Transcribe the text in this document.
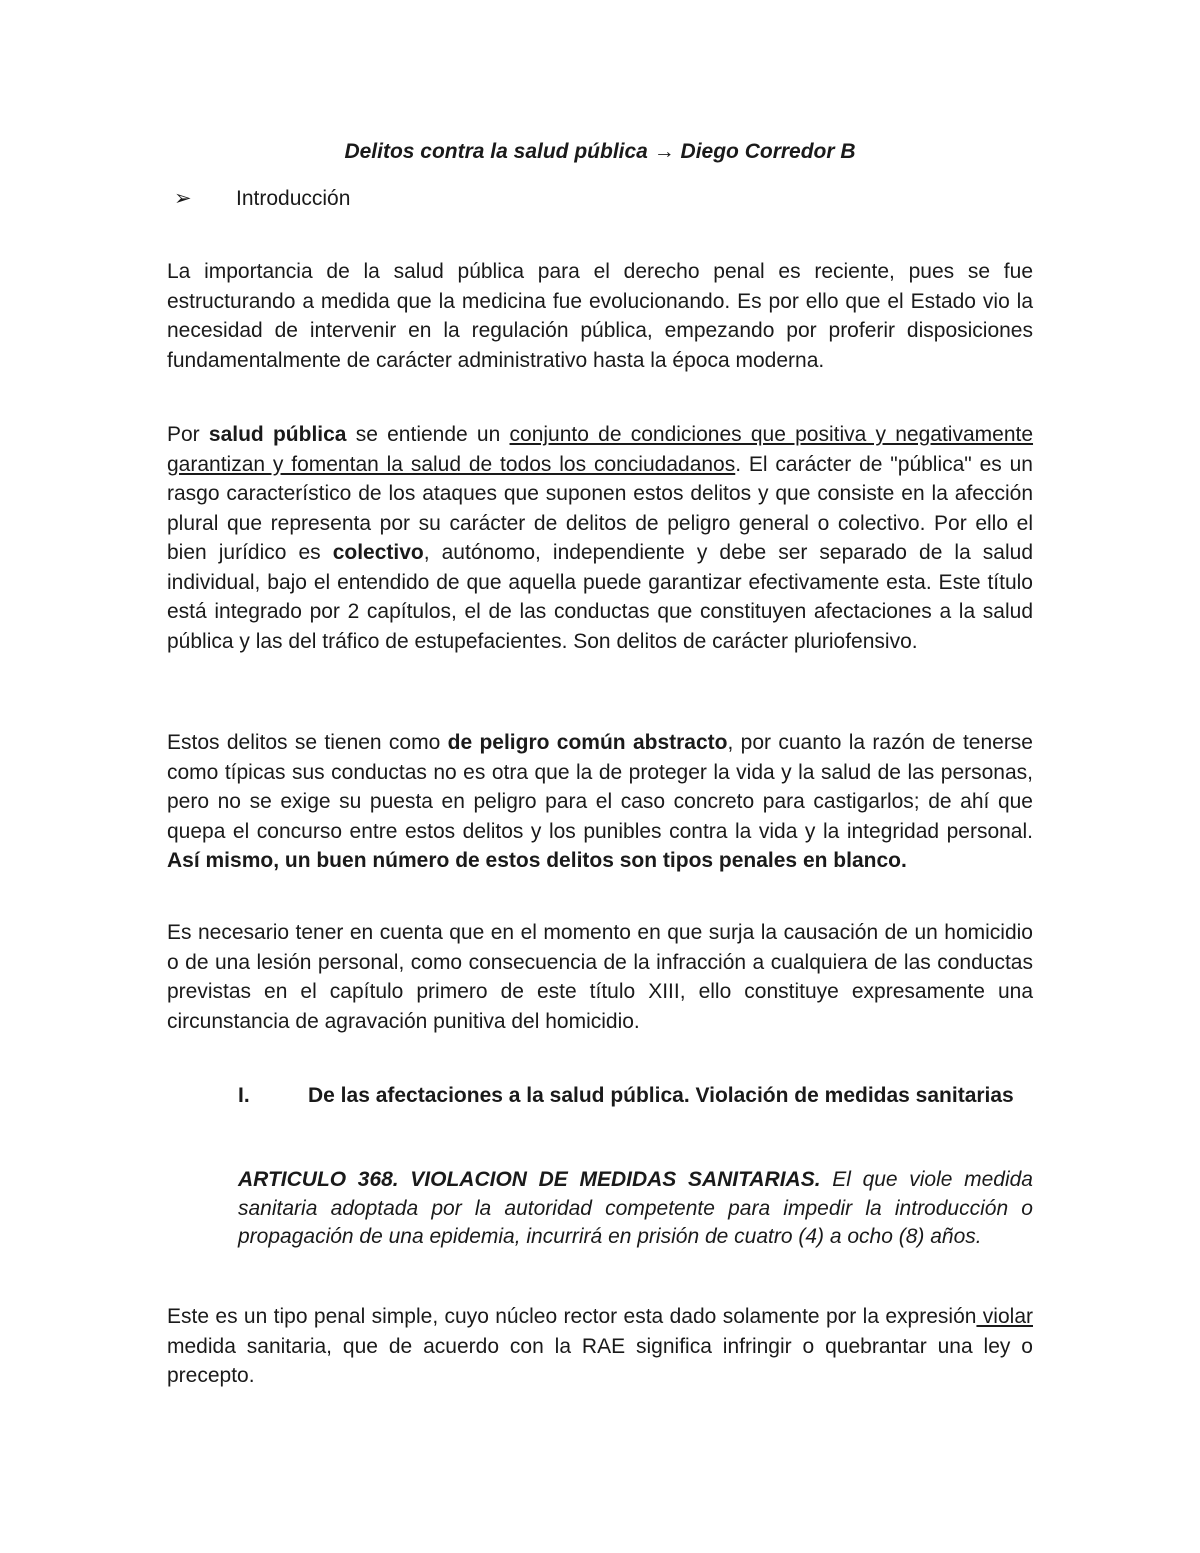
Delitos contra la salud pública → Diego Corredor B
➢ Introducción
La importancia de la salud pública para el derecho penal es reciente, pues se fue estructurando a medida que la medicina fue evolucionando. Es por ello que el Estado vio la necesidad de intervenir en la regulación pública, empezando por proferir disposiciones fundamentalmente de carácter administrativo hasta la época moderna.
Por salud pública se entiende un conjunto de condiciones que positiva y negativamente garantizan y fomentan la salud de todos los conciudadanos. El carácter de "pública" es un rasgo característico de los ataques que suponen estos delitos y que consiste en la afección plural que representa por su carácter de delitos de peligro general o colectivo. Por ello el bien jurídico es colectivo, autónomo, independiente y debe ser separado de la salud individual, bajo el entendido de que aquella puede garantizar efectivamente esta. Este título está integrado por 2 capítulos, el de las conductas que constituyen afectaciones a la salud pública y las del tráfico de estupefacientes. Son delitos de carácter pluriofensivo.
Estos delitos se tienen como de peligro común abstracto, por cuanto la razón de tenerse como típicas sus conductas no es otra que la de proteger la vida y la salud de las personas, pero no se exige su puesta en peligro para el caso concreto para castigarlos; de ahí que quepa el concurso entre estos delitos y los punibles contra la vida y la integridad personal. Así mismo, un buen número de estos delitos son tipos penales en blanco.
Es necesario tener en cuenta que en el momento en que surja la causación de un homicidio o de una lesión personal, como consecuencia de la infracción a cualquiera de las conductas previstas en el capítulo primero de este título XIII, ello constituye expresamente una circunstancia de agravación punitiva del homicidio.
I.	De las afectaciones a la salud pública. Violación de medidas sanitarias
ARTICULO 368. VIOLACION DE MEDIDAS SANITARIAS. El que viole medida sanitaria adoptada por la autoridad competente para impedir la introducción o propagación de una epidemia, incurrirá en prisión de cuatro (4) a ocho (8) años.
Este es un tipo penal simple, cuyo núcleo rector esta dado solamente por la expresión violar medida sanitaria, que de acuerdo con la RAE significa infringir o quebrantar una ley o precepto.
